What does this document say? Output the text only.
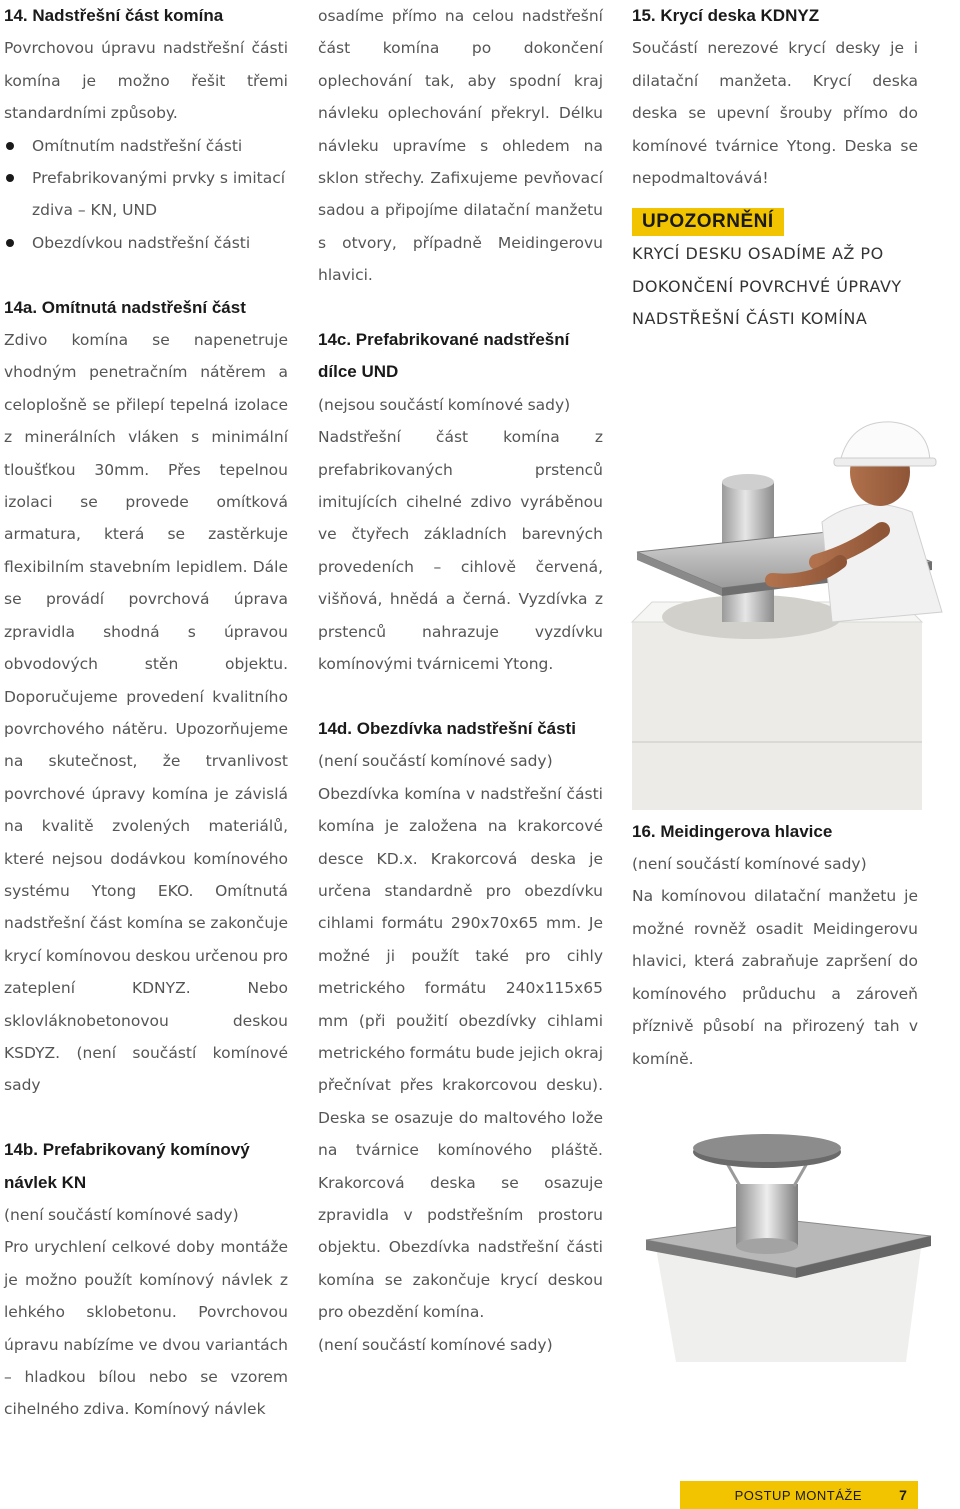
14. Nadstřešní část komína

Povrchovou úpravu nadstřešní části komína je možno řešit třemi standardními způsoby.

Omítnutím nadstřešní části
Prefabrikovanými prvky s imitací zdiva – KN, UND
Obezdívkou nadstřešní části

14a. Omítnutá nadstřešní část

Zdivo komína se napenetruje vhodným penetračním nátěrem a celoplošně se přilepí tepelná izolace z minerálních vláken s minimální tloušťkou 30mm. Přes tepelnou izolaci se provede omítková armatura, která se zastěrkuje flexibilním stavebním lepidlem. Dále se provádí povrchová úprava zpravidla shodná s úpravou obvodových stěn objektu. Doporučujeme provedení kvalitního povrchového nátěru. Upozorňujeme na skutečnost, že trvanlivost povrchové úpravy komína je závislá na kvalitě zvolených materiálů, které nejsou dodávkou komínového systému Ytong EKO. Omítnutá nadstřešní část komína se zakončuje krycí komínovou deskou určenou pro zateplení KDNYZ. Nebo sklovláknobetonovou deskou KSDYZ. (není součástí komínové sady

14b. Prefabrikovaný komínový návlek KN

(není součástí komínové sady)

Pro urychlení celkové doby montáže je možno použít komínový návlek z lehkého sklobetonu. Povrchovou úpravu nabízíme ve dvou variantách – hladkou bílou nebo se vzorem cihelného zdiva. Komínový návlek

osadíme přímo na celou nadstřešní část komína po dokončení oplechování tak, aby spodní kraj návleku oplechování překryl. Délku návleku upravíme s ohledem na sklon střechy. Zafixujeme pevňovací sadou a připojíme dilatační manžetu s otvory, případně Meidingerovu hlavici.

14c. Prefabrikované nadstřešní dílce UND

(nejsou součástí komínové sady)

Nadstřešní část komína z prefabrikovaných prstenců imitujících cihelné zdivo vyráběnou ve čtyřech základních barevných provedeních – cihlově červená, višňová, hnědá a černá. Vyzdívka z prstenců nahrazuje vyzdívku komínovými tvárnicemi Ytong.

14d. Obezdívka nadstřešní části

(není součástí komínové sady)

Obezdívka komína v nadstřešní části komína je založena na krakorcové desce KD.x. Krakorcová deska je určena standardně pro obezdívku cihlami formátu 290x70x65 mm. Je možné ji použít také pro cihly metrického formátu 240x115x65 mm (při použití obezdívky cihlami metrického formátu bude jejich okraj přečnívat přes krakorcovou desku). Deska se osazuje do maltového lože na tvárnice komínového pláště. Krakorcová deska se osazuje zpravidla v podstřešním prostoru objektu. Obezdívka nadstřešní části komína se zakončuje krycí deskou pro obezdění komína.

(není součástí komínové sady)

15. Krycí deska KDNYZ

Součástí nerezové krycí desky je i dilatační manžeta. Krycí deska deska se upevní šrouby přímo do komínové tvárnice Ytong. Deska se nepodmaltovává!

UPOZORNĚNÍ

KRYCÍ DESKU OSADÍME AŽ PO

DOKONČENÍ POVRCHVÉ ÚPRAVY

NADSTŘEŠNÍ ČÁSTI KOMÍNA

16. Meidingerova hlavice

(není součástí komínové sady)

Na komínovou dilatační manžetu je možné rovněž osadit Meidingerovu hlavici, která zabraňuje zapršení do komínového průduchu a zároveň příznivě působí na přirozený tah v komíně.

POSTUP MONTÁŽE	7
